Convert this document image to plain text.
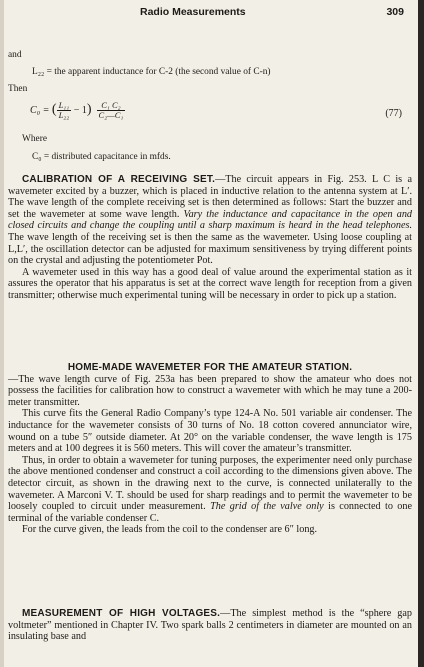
Radio Measurements	309
and
L₂₂ = the apparent inductance for C-2 (the second value of C-n)
Then
C₀ = ( $\frac{\text{L₁₁}}{\text{L₂₂}} - 1) \frac{\text{C₁ C₂}}{\text{C₂—C₁}}$	(77)
Where
C₀ = distributed capacitance in mfds.
CALIBRATION OF A RECEIVING SET.—The circuit appears in Fig. 253. L C is a wavemeter excited by a buzzer, which is placed in inductive relation to the antenna system at L′. The wave length of the complete receiving set is then determined as follows: Start the buzzer and set the wavemeter at some wave length. Vary the inductance and capacitance in the open and closed circuits and change the coupling until a sharp maximum is heard in the head telephones. The wave length of the receiving set is then the same as the wavemeter. Using loose coupling at L,L′, the oscillation detector can be adjusted for maximum sensitiveness by trying different points on the crystal and adjusting the potentiometer Pot.
A wavemeter used in this way has a good deal of value around the experimental station as it assures the operator that his apparatus is set at the correct wave length for reception from a given transmitter; otherwise much experimental tuning will be necessary in order to pick up a station.
HOME-MADE WAVEMETER FOR THE AMATEUR STATION.
—The wave length curve of Fig. 253a has been prepared to show the amateur who does not possess the facilities for calibration how to construct a wavemeter with which he may tune a 200-meter transmitter.
This curve fits the General Radio Company’s type 124-A No. 501 variable air condenser. The inductance for the wavemeter consists of 30 turns of No. 18 cotton covered annunciator wire, wound on a tube 5″ outside diameter. At 20° on the variable condenser, the wave length is 175 meters and at 100 degrees it is 560 meters. This will cover the amateur’s transmitter.
Thus, in order to obtain a wavemeter for tuning purposes, the experimenter need only purchase the above mentioned condenser and construct a coil according to the dimensions given above. The detector circuit, as shown in the drawing next to the curve, is connected unilaterally to the wavemeter. A Marconi V. T. should be used for sharp readings and to permit the wavemeter to be loosely coupled to circuit under measurement. The grid of the valve only is connected to one terminal of the variable condenser C.
For the curve given, the leads from the coil to the condenser are 6″ long.
MEASUREMENT OF HIGH VOLTAGES.—The simplest method is the “sphere gap voltmeter” mentioned in Chapter IV. Two spark balls 2 centimeters in diameter are mounted on an insulating base and
